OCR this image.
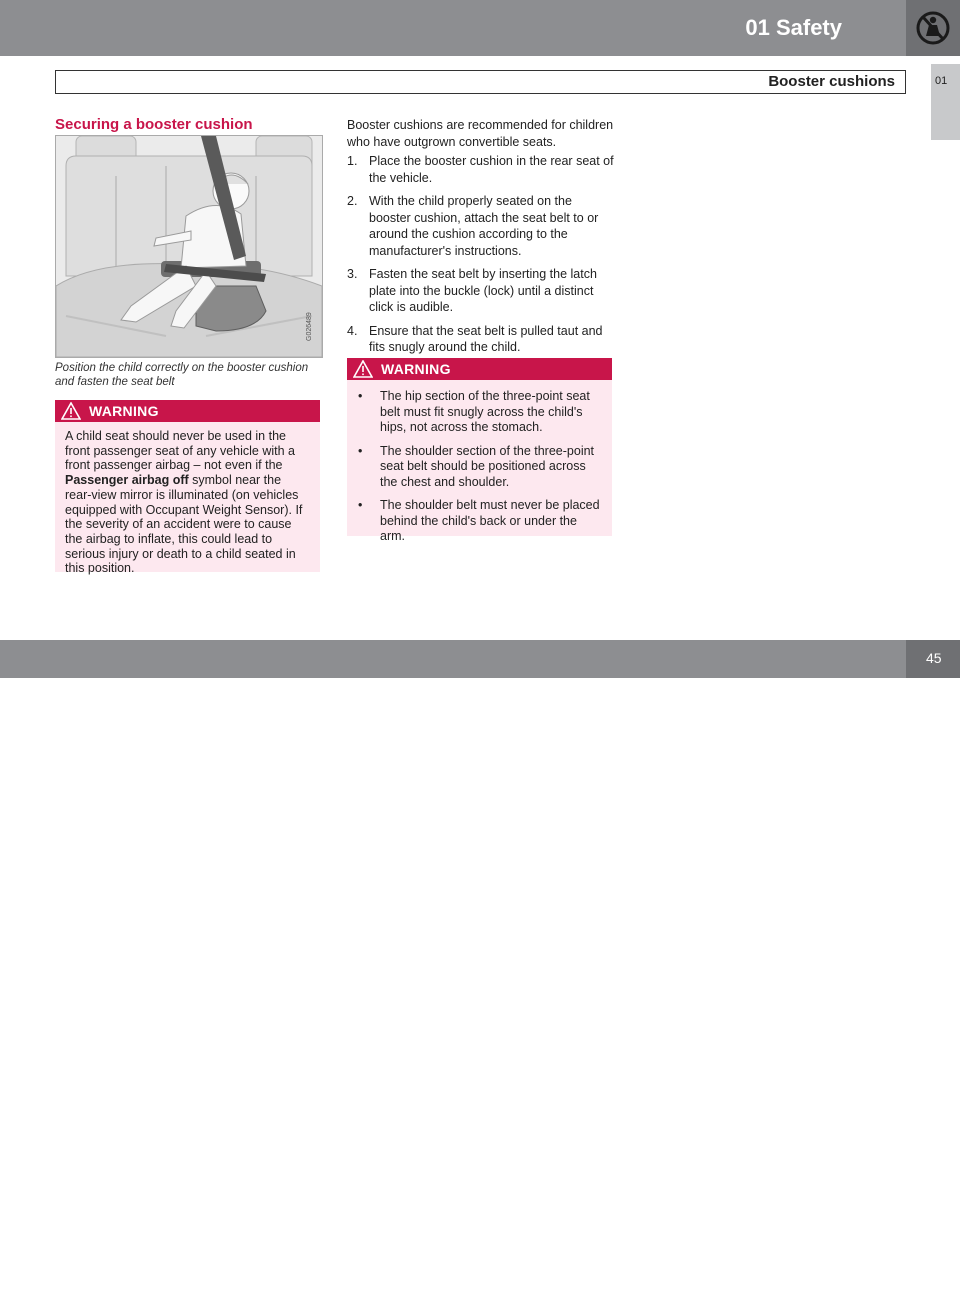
01 Safety
Booster cushions	01
Securing a booster cushion
G026489
Position the child correctly on the booster cushion and fasten the seat belt
WARNING
A child seat should never be used in the front passenger seat of any vehicle with a front passenger airbag – not even if the Passenger airbag off symbol near the rear-view mirror is illuminated (on vehicles equipped with Occupant Weight Sensor). If the severity of an accident were to cause the airbag to inflate, this could lead to serious injury or death to a child seated in this position.
Booster cushions are recommended for children who have outgrown convertible seats.
1. Place the booster cushion in the rear seat of the vehicle.
2. With the child properly seated on the booster cushion, attach the seat belt to or around the cushion according to the manufacturer's instructions.
3. Fasten the seat belt by inserting the latch plate into the buckle (lock) until a distinct click is audible.
4. Ensure that the seat belt is pulled taut and fits snugly around the child.
WARNING
• The hip section of the three-point seat belt must fit snugly across the child's hips, not across the stomach.
• The shoulder section of the three-point seat belt should be positioned across the chest and shoulder.
• The shoulder belt must never be placed behind the child's back or under the arm.
carmanualsonline.info
45
